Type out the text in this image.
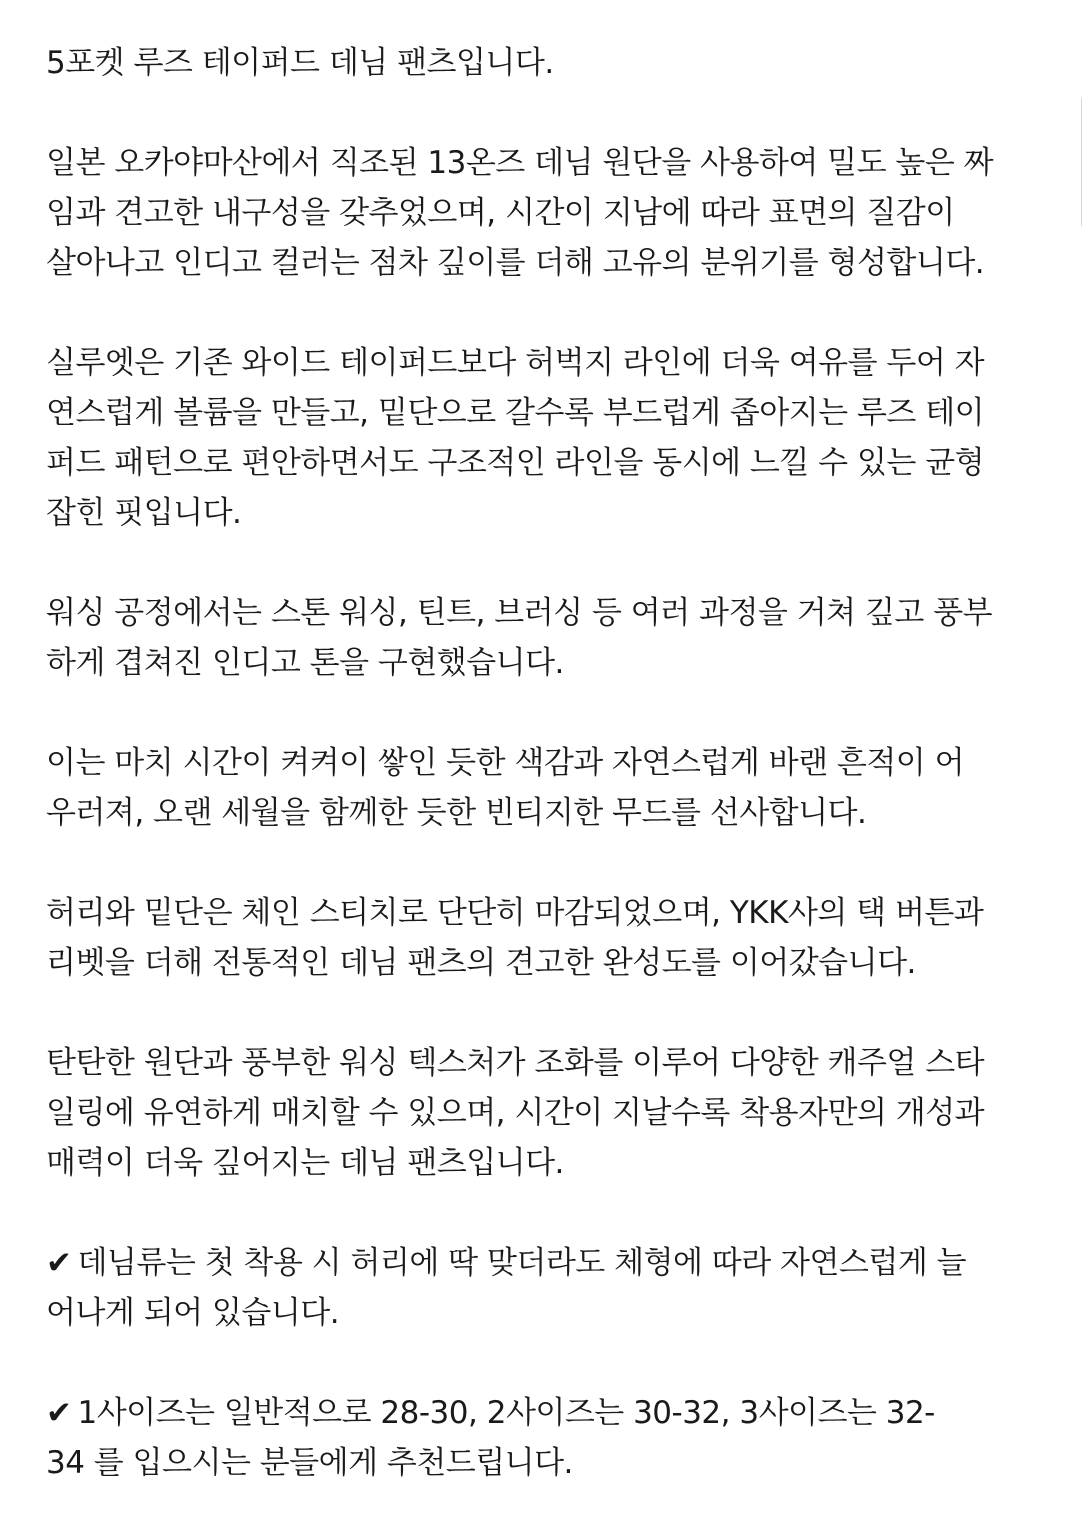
5포켓 루즈 테이퍼드 데님 팬츠입니다.
일본 오카야마산에서 직조된 13온즈 데님 원단을 사용하여 밀도 높은 짜
임과 견고한 내구성을 갖추었으며, 시간이 지남에 따라 표면의 질감이
살아나고 인디고 컬러는 점차 깊이를 더해 고유의 분위기를 형성합니다.
실루엣은 기존 와이드 테이퍼드보다 허벅지 라인에 더욱 여유를 두어 자
연스럽게 볼륨을 만들고, 밑단으로 갈수록 부드럽게 좁아지는 루즈 테이
퍼드 패턴으로 편안하면서도 구조적인 라인을 동시에 느낄 수 있는 균형
잡힌 핏입니다.
워싱 공정에서는 스톤 워싱, 틴트, 브러싱 등 여러 과정을 거쳐 깊고 풍부
하게 겹쳐진 인디고 톤을 구현했습니다.
이는 마치 시간이 켜켜이 쌓인 듯한 색감과 자연스럽게 바랜 흔적이 어
우러져, 오랜 세월을 함께한 듯한 빈티지한 무드를 선사합니다.
허리와 밑단은 체인 스티치로 단단히 마감되었으며, YKK사의 택 버튼과
리벳을 더해 전통적인 데님 팬츠의 견고한 완성도를 이어갔습니다.
탄탄한 원단과 풍부한 워싱 텍스처가 조화를 이루어 다양한 캐주얼 스타
일링에 유연하게 매치할 수 있으며, 시간이 지날수록 착용자만의 개성과
매력이 더욱 깊어지는 데님 팬츠입니다.
✔ 데님류는 첫 착용 시 허리에 딱 맞더라도 체형에 따라 자연스럽게 늘
어나게 되어 있습니다.
✔ 1사이즈는 일반적으로 28-30, 2사이즈는 30-32, 3사이즈는 32-
34 를 입으시는 분들에게 추천드립니다.
